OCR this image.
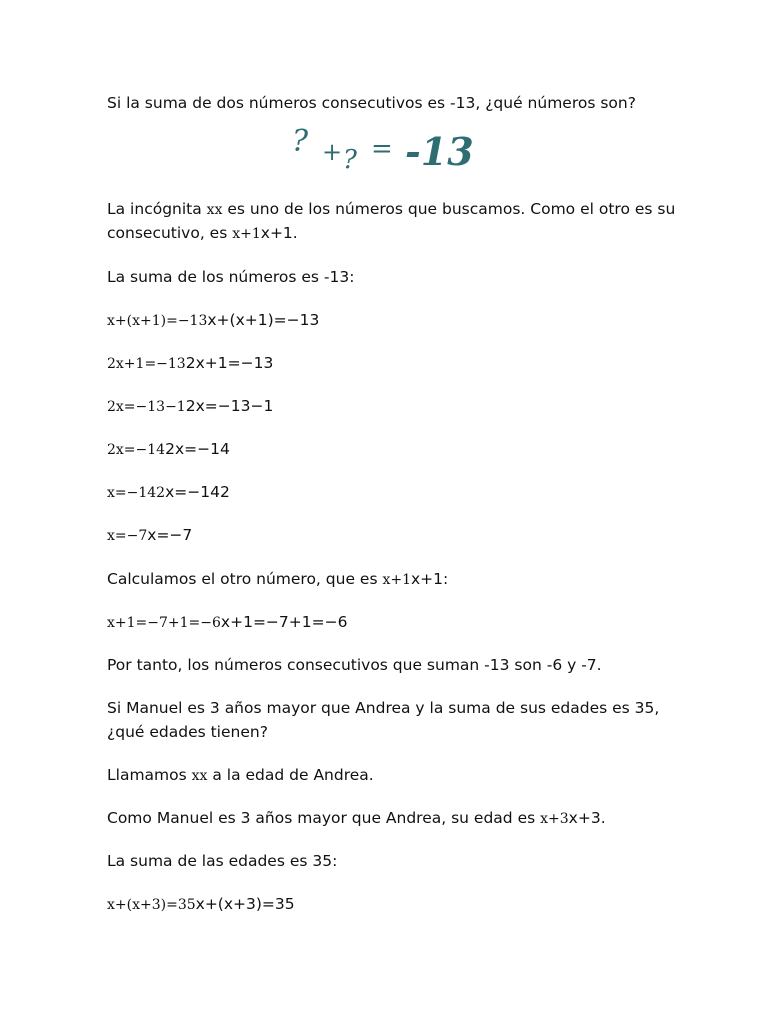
Si la suma de dos números consecutivos es -13, ¿qué números son?
? + ? = -13
La incógnita xx es uno de los números que buscamos. Como el otro es su
consecutivo, es x+1x+1.
La suma de los números es -13:
x+(x+1)=−13x+(x+1)=−13
2x+1=−132x+1=−13
2x=−13−12x=−13−1
2x=−142x=−14
x=−142x=−142
x=−7x=−7
Calculamos el otro número, que es x+1x+1:
x+1=−7+1=−6x+1=−7+1=−6
Por tanto, los números consecutivos que suman -13 son -6 y -7.
Si Manuel es 3 años mayor que Andrea y la suma de sus edades es 35,
¿qué edades tienen?
Llamamos xx a la edad de Andrea.
Como Manuel es 3 años mayor que Andrea, su edad es x+3x+3.
La suma de las edades es 35:
x+(x+3)=35x+(x+3)=35
